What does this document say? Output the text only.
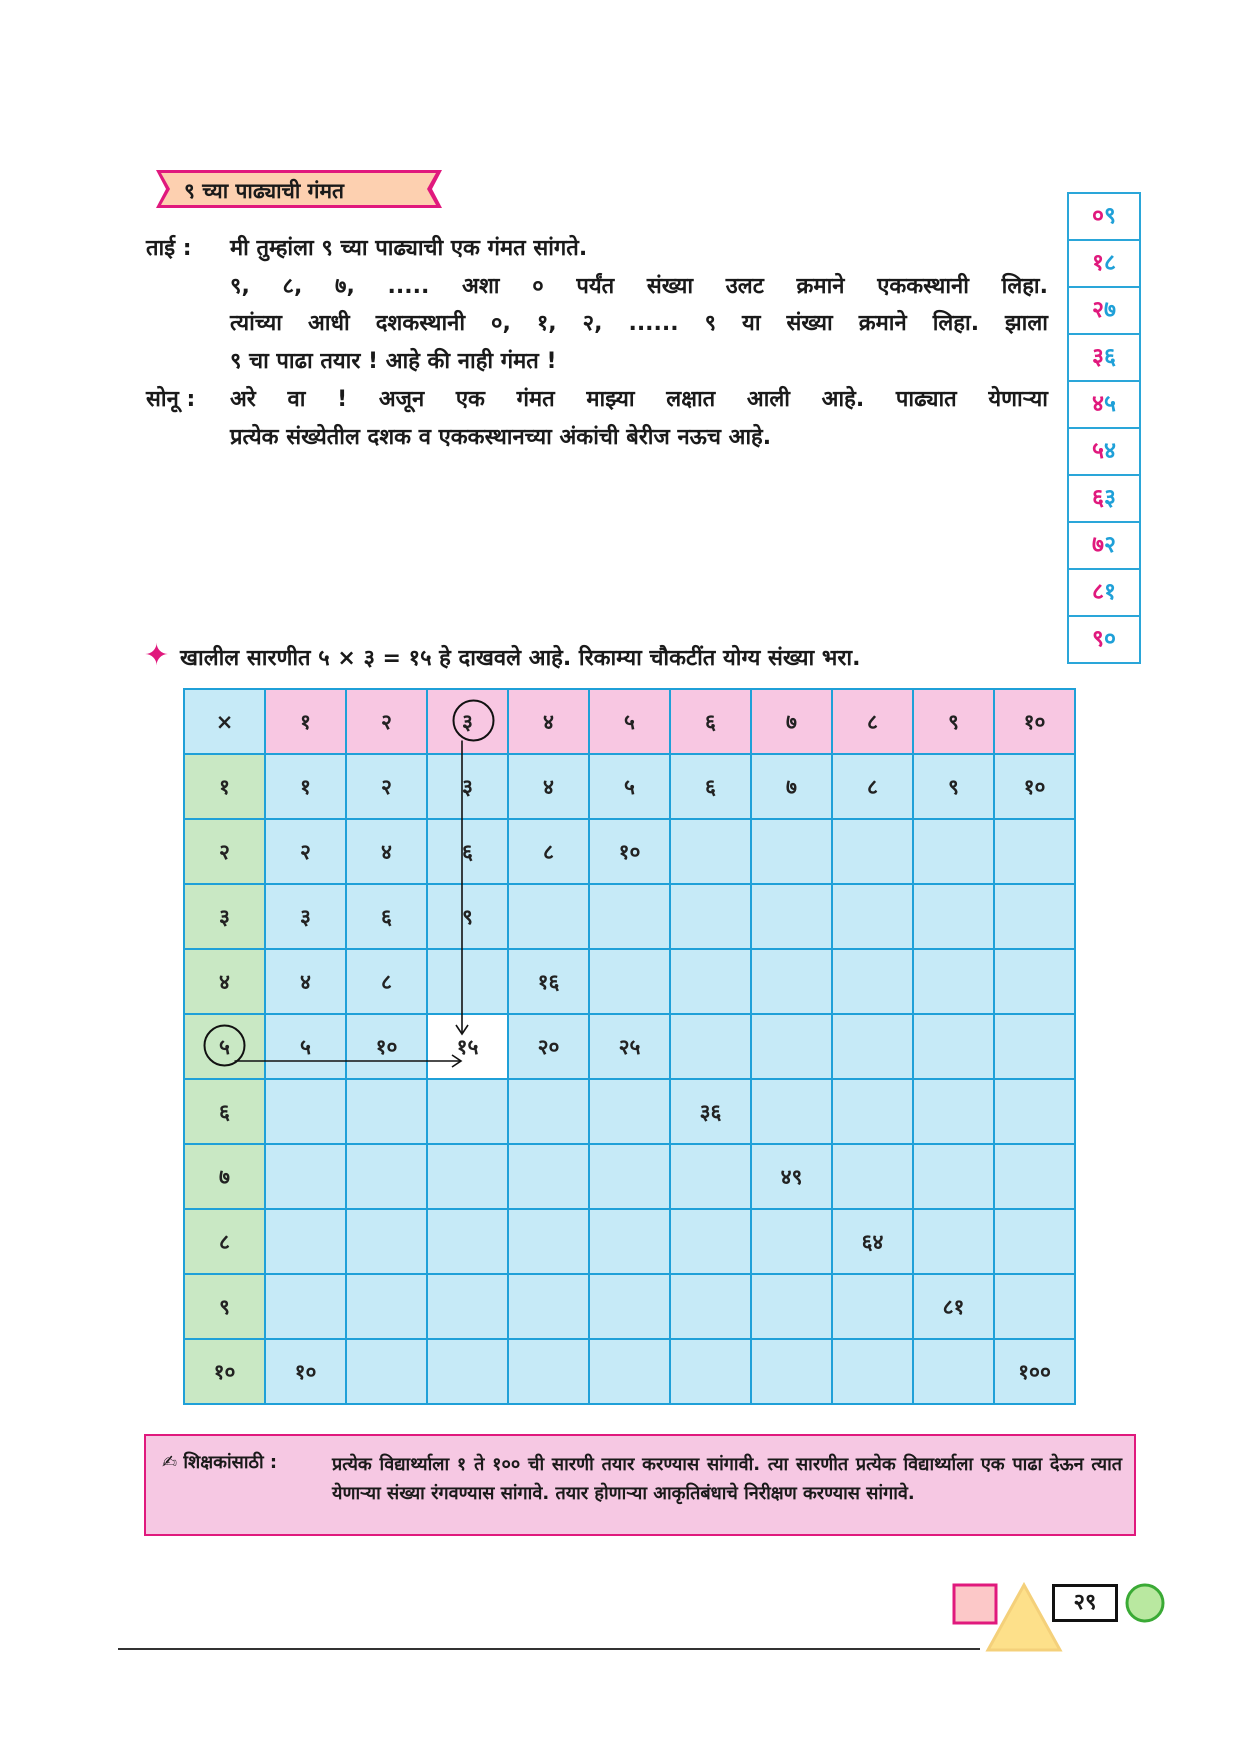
९ च्या पाढ्याची गंमत
ताई : मी तुम्हांला ९ च्या पाढ्याची एक गंमत सांगते.
९, ८, ७, ..... अशा ० पर्यंत संख्या उलट क्रमाने एककस्थानी लिहा.
त्यांच्या आधी दशकस्थानी ०, १, २, ...... ९ या संख्या क्रमाने लिहा. झाला
९ चा पाढा तयार ! आहे की नाही गंमत !
सोनू : अरे वा ! अजून एक गंमत माझ्या लक्षात आली आहे. पाढ्यात येणाऱ्या
प्रत्येक संख्येतील दशक व एककस्थानच्या अंकांची बेरीज नऊच आहे.
०९
१८
२७
३६
४५
५४
६३
७२
८१
९०
✦ खालील सारणीत ५ × ३ = १५ हे दाखवले आहे. रिकाम्या चौकटींत योग्य संख्या भरा.
×	१	२	३	४	५	६	७	८	९	१०
१	१	२	३	४	५	६	७	८	९	१०
२	२	४	६	८	१०					
३	३	६	९							
४	४	८		१६						
५	५	१०	१५	२०	२५					
६						३६				
७							४९			
८								६४		
९									८१	
१०	१०									१००
✍ शिक्षकांसाठी :	प्रत्येक विद्यार्थ्याला १ ते १०० ची सारणी तयार करण्यास सांगावी. त्या सारणीत प्रत्येक विद्यार्थ्याला एक पाढा देऊन त्यात येणाऱ्या संख्या रंगवण्यास सांगावे. तयार होणाऱ्या आकृतिबंधाचे निरीक्षण करण्यास सांगावे.
२९
